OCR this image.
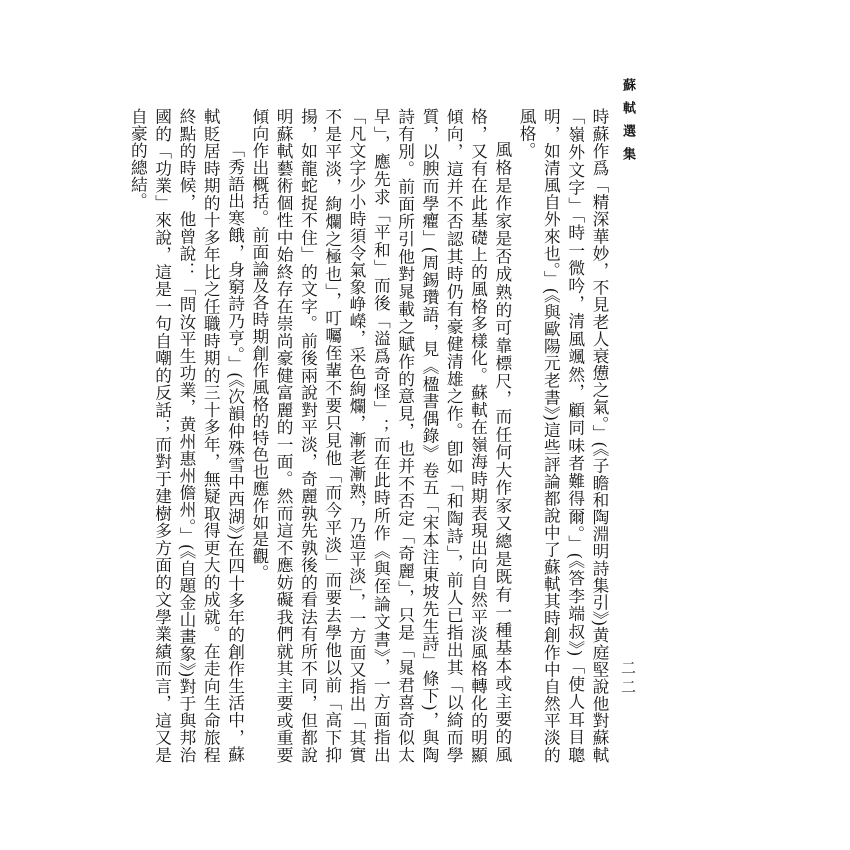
蘇軾選集
二二

時蘇作爲「精深華妙，不見老人衰憊之氣。」(《子瞻和陶淵明詩集引》)黄庭堅說他對蘇軾「嶺外文字」「時一微吟，清風颯然，顧同味者難得爾。」(《答李端叔》)「使人耳目聰明，如清風自外來也。」(《與歐陽元老書》)這些評論都說中了蘇軾其時創作中自然平淡的風格。

風格是作家是否成熟的可靠標尺，而任何大作家又總是既有一種基本或主要的風格，又有在此基礎上的風格多樣化。蘇軾在嶺海時期表現出向自然平淡風格轉化的明顯傾向，這并不否認其時仍有豪健清雄之作。卽如「和陶詩」，前人已指出其「以綺而學質，以腴而學癯」(周錫瓚語，見《楹書偶錄》卷五「宋本注東坡先生詩」條下)，與陶詩有別。前面所引他對晁載之賦作的意見，也并不否定「奇麗」，只是「晁君喜奇似太早」，應先求「平和」而後「溢爲奇怪」；而在此時所作《與侄論文書》，一方面指出「凡文字少小時須令氣象峥嶸，采色絢爛，漸老漸熟，乃造平淡」，一方面又指出「其實不是平淡，絢爛之極也」，叮囑侄輩不要只見他「而今平淡」而要去學他以前「高下抑揚，如龍蛇捉不住」的文字。前後兩說對平淡，奇麗孰先孰後的看法有所不同，但都說明蘇軾藝術個性中始終存在崇尚豪健富麗的一面。然而這不應妨礙我們就其主要或重要傾向作出概括。前面論及各時期創作風格的特色也應作如是觀。

「秀語出寒餓，身窮詩乃亨。」(《次韻仲殊雪中西湖》)在四十多年的創作生活中，蘇軾貶居時期的十多年比之任職時期的三十多年，無疑取得更大的成就。在走向生命旅程終點的時候，他曾說：「問汝平生功業，黄州惠州儋州。」(《自題金山畫象》)對于與邦治國的「功業」來說，這是一句自嘲的反話；而對于建樹多方面的文學業績而言，這又是自豪的總結。
